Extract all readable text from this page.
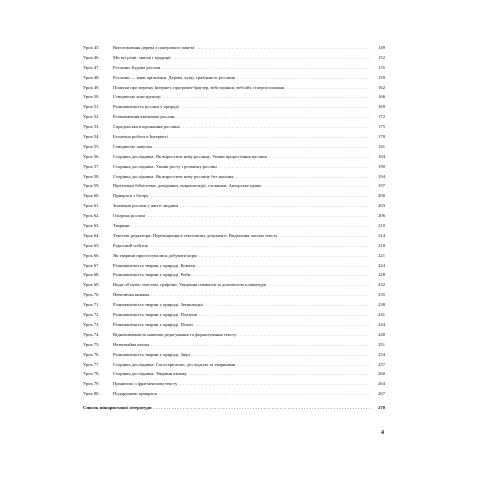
. . .
Урок 45.	Виготовлення дерева з паперового пакета	149
. . .
Урок 46.	Ми всі різні: звичаї і традиції	152
. . .
Урок 47.	Рослини. Будова рослин	155
. . .
Урок 48.	Рослини — живі організми. Дерева, кущі, трав'янисті рослини	159
. . .
Урок 49.	Пошуки про мережу Інтернет, програми-браузер, вебсторінки, вебсайт, гіперпосилання	162
. . .
Урок 50.	Створюємо конструктор	166
. . .
Урок 51.	Різноманітність рослин у природі	169
. . .
Урок 52.	Розмноження квіткових рослин	172
. . .
Урок 53.	Сарадонська іподомашня рослина	175
. . .
Урок 54.	Безпечна робота в Інтернеті	178
. . .
Урок 55.	Створюємо павучка	181
. . .
Урок 56.	Сторінка дослідника. Як виростити нову рослину. Умови проростання насіння	184
. . .
Урок 57.	Сторінка дослідника. Умови росту і розвитку рослин	190
. . .
Урок 58.	Сторінка дослідника. Як виростити нову рослину без насіння	194
. . .
Урок 59.	Віртуальні бібліотеки, довідники, енциклопедії, словники. Авторське право	197
. . .
Урок 60.	Прикраси з бісеру	200
. . .
Урок 61.	Значення рослин у житті людини	203
. . .
Урок 62.	Охорона рослин	206
. . .
Урок 63.	Тварини	210
. . .
Урок 64.	Текстові редактори. Переміщення в текстовому документі. Виділення частин тексту	214
. . .
Урок 65.	Рідкісний чобіток	218
. . .
Урок 66.	Як тварини пристосувалися добувати корм	221
. . .
Урок 67.	Різноманітність тварин у природі. Комахи	224
. . .
Урок 68.	Різноманітність тварин у природі. Риби	228
. . .
Урок 69.	Види об'єктів: текстові, графічні. Уведення символів за допомогою клавіатури	232
. . .
Урок 70.	Невеличка книжка	235
. . .
Урок 71.	Різноманітність тварин у природі. Земноводні	238
. . .
Урок 72.	Різноманітність тварин у природі. Плазуни	241
. . .
Урок 73.	Різноманітність тварин у природі. Птахи	244
. . .
Урок 74.	Відновлюваність навичок редагування та форматування тексту	248
. . .
Урок 75.	Незвичайна квітка	251
. . .
Урок 76.	Різноманітність тварин у природі. Звірі	254
. . .
Урок 77.	Сторінка дослідника. Спостерігаємо, досліджую за тваринами	257
. . .
Урок 78.	Сторінка дослідника. Тварини взимку	260
. . .
Урок 79.	Працюємо з фрагментами тексту	264
. . .
Урок 80.	Подарункові прикраси	267
. . .
Список використаної літератури	270
4
